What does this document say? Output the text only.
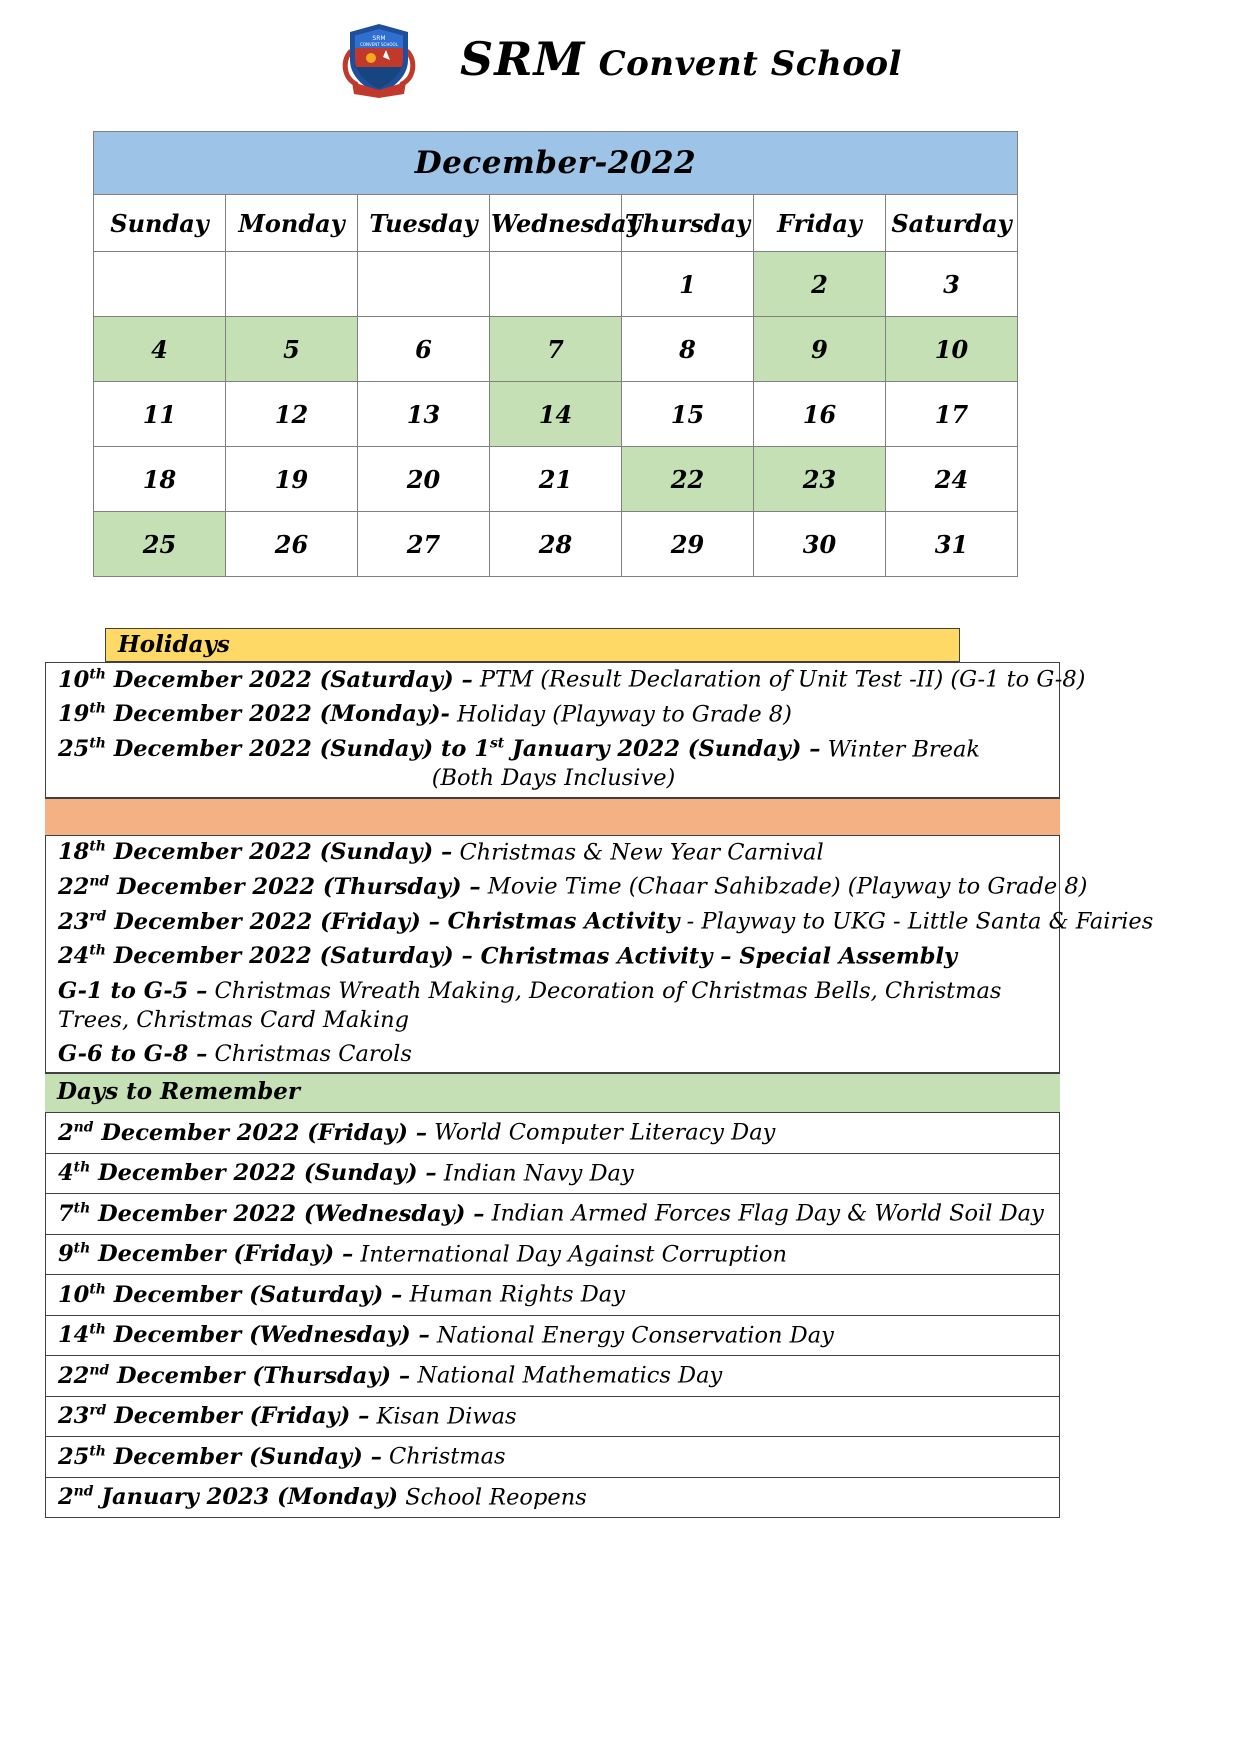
SRM
CONVENT SCHOOL SRM Convent School
December-2022						
Sunday	Monday	Tuesday	Wednesday	Thursday	Friday	Saturday
				1	2	3
4	5	6	7	8	9	10
11	12	13	14	15	16	17
18	19	20	21	22	23	24
25	26	27	28	29	30	31
Holidays
10th December 2022 (Saturday) – PTM (Result Declaration of Unit Test -II) (G-1 to G-8)
19th December 2022 (Monday)- Holiday (Playway to Grade 8)
25th December 2022 (Sunday) to 1st January 2022 (Sunday) – Winter Break
(Both Days Inclusive)
18th December 2022 (Sunday) – Christmas & New Year Carnival
22nd December 2022 (Thursday) – Movie Time (Chaar Sahibzade) (Playway to Grade 8)
23rd December 2022 (Friday) – Christmas Activity - Playway to UKG - Little Santa & Fairies
24th December 2022 (Saturday) – Christmas Activity – Special Assembly
G-1 to G-5 – Christmas Wreath Making, Decoration of Christmas Bells, Christmas Trees, Christmas Card Making
G-6 to G-8 – Christmas Carols
Days to Remember
2nd December 2022 (Friday) – World Computer Literacy Day
4th December 2022 (Sunday) – Indian Navy Day
7th December 2022 (Wednesday) – Indian Armed Forces Flag Day & World Soil Day
9th December (Friday) – International Day Against Corruption
10th December (Saturday) – Human Rights Day
14th December (Wednesday) – National Energy Conservation Day
22nd December (Thursday) – National Mathematics Day
23rd December (Friday) – Kisan Diwas
25th December (Sunday) – Christmas
2nd January 2023 (Monday) School Reopens
